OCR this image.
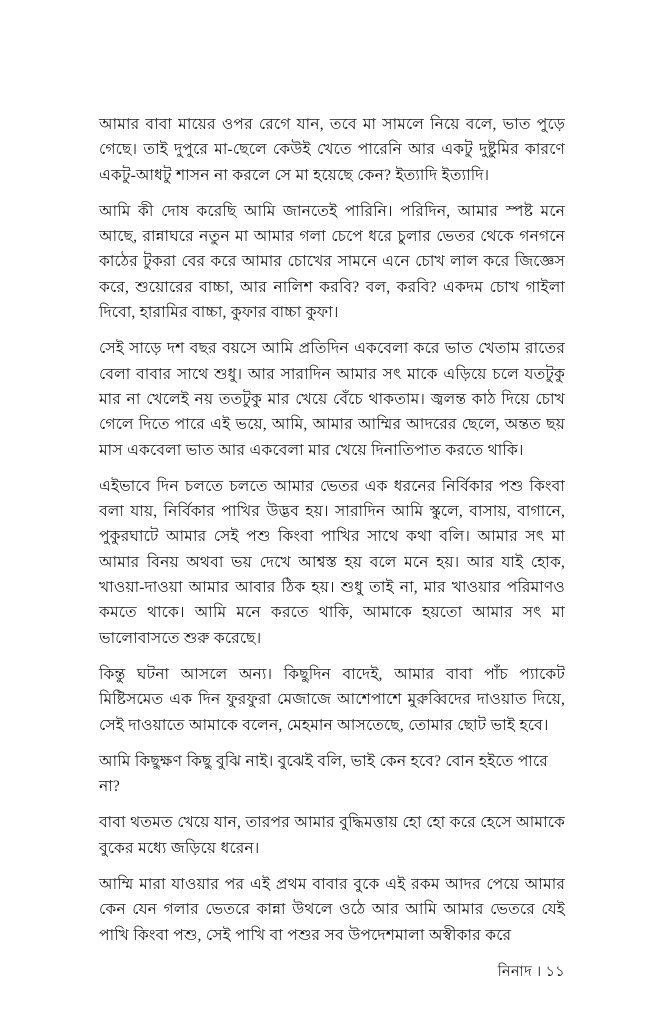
আমার বাবা মায়ের ওপর রেগে যান, তবে মা সামলে নিয়ে বলে, ভাত পুড়ে গেছে। তাই দুপুরে মা-ছেলে কেউই খেতে পারেনি আর একটু দুষ্টুমির কারণে একটু-আধটু শাসন না করলে সে মা হয়েছে কেন? ইত্যাদি ইত্যাদি।

আমি কী দোষ করেছি আমি জানতেই পারিনি। পরিদিন, আমার স্পষ্ট মনে আছে, রান্নাঘরে নতুন মা আমার গলা চেপে ধরে চুলার ভেতর থেকে গনগনে কাঠের টুকরা বের করে আমার চোখের সামনে এনে চোখ লাল করে জিজ্ঞেস করে, শুয়োরের বাচ্চা, আর নালিশ করবি? বল, করবি? একদম চোখ গাইলা দিবো, হারামির বাচ্চা, কুফার বাচ্চা কুফা।

সেই সাড়ে দশ বছর বয়সে আমি প্রতিদিন একবেলা করে ভাত খেতাম রাতের বেলা বাবার সাথে শুধু। আর সারাদিন আমার সৎ মাকে এড়িয়ে চলে যতটুকু মার না খেলেই নয় ততটুকু মার খেয়ে বেঁচে থাকতাম। জ্বলন্ত কাঠ দিয়ে চোখ গেলে দিতে পারে এই ভয়ে, আমি, আমার আম্মির আদরের ছেলে, অন্তত ছয় মাস একবেলা ভাত আর একবেলা মার খেয়ে দিনাতিপাত করতে থাকি।

এইভাবে দিন চলতে চলতে আমার ভেতর এক ধরনের নির্বিকার পশু কিংবা বলা যায়, নির্বিকার পাখির উদ্ভব হয়। সারাদিন আমি স্কুলে, বাসায়, বাগানে, পুকুরঘাটে আমার সেই পশু কিংবা পাখির সাথে কথা বলি। আমার সৎ মা আমার বিনয় অথবা ভয় দেখে আশ্বস্ত হয় বলে মনে হয়। আর যাই হোক, খাওয়া-দাওয়া আমার আবার ঠিক হয়। শুধু তাই না, মার খাওয়ার পরিমাণও কমতে থাকে। আমি মনে করতে থাকি, আমাকে হয়তো আমার সৎ মা ভালোবাসতে শুরু করেছে।

কিন্তু ঘটনা আসলে অন্য। কিছুদিন বাদেই, আমার বাবা পাঁচ প্যাকেট মিষ্টিসমেত এক দিন ফুরফুরা মেজাজে আশেপাশে মুরুব্বিদের দাওয়াত দিয়ে, সেই দাওয়াতে আমাকে বলেন, মেহমান আসতেছে, তোমার ছোট ভাই হবে।

আমি কিছুক্ষণ কিছু বুঝি নাই। বুঝেই বলি, ভাই কেন হবে? বোন হইতে পারে না?

বাবা থতমত খেয়ে যান, তারপর আমার বুদ্ধিমত্তায় হো হো করে হেসে আমাকে বুকের মধ্যে জড়িয়ে ধরেন।

আম্মি মারা যাওয়ার পর এই প্রথম বাবার বুকে এই রকম আদর পেয়ে আমার কেন যেন গলার ভেতরে কান্না উথলে ওঠে আর আমি আমার ভেতরে যেই পাখি কিংবা পশু, সেই পাখি বা পশুর সব উপদেশমালা অস্বীকার করে

নিনাদ । ১১
